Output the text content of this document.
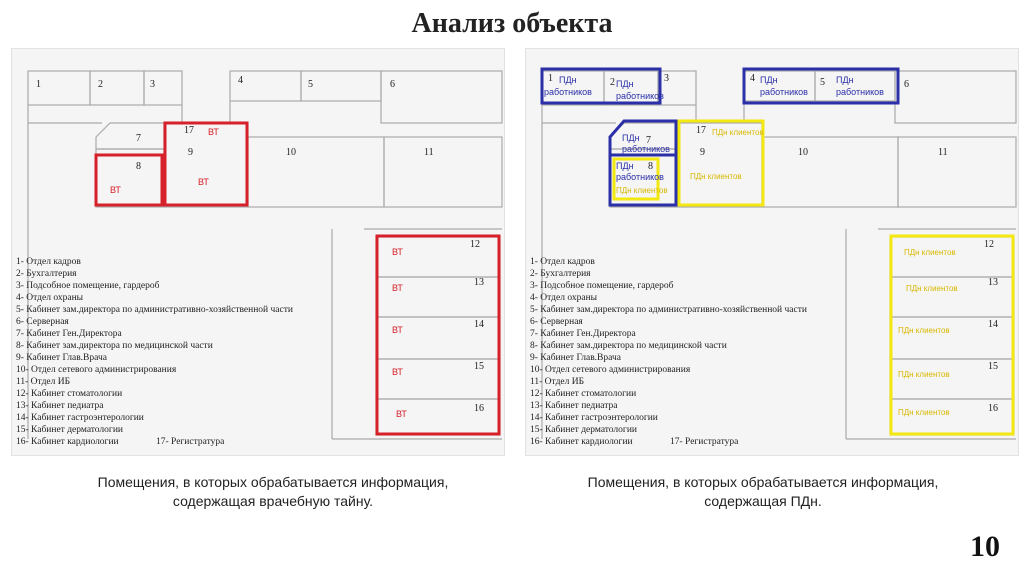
Анализ объекта
1	2	3	4	5	6
7
8
9	10	11
12
13
14
15
16
17 ВТ
ВТ
ВТ
ВТ
ВТ
ВТ
ВТ
ВТ
1- Отдел кадров
2- Бухгалтерия
3- Подсобное помещение, гардероб
4- Отдел охраны
5- Кабинет зам.директора по административно-хозяйственной части
6- Серверная
7- Кабинет Ген.Директора
8- Кабинет зам.директора по медицинской части
9- Кабинет Глав.Врача
10- Отдел сетевого администрирования
11- Отдел ИБ
12- Кабинет стоматологии
13- Кабинет педиатра
14- Кабинет гастроэнтерологии
15- Кабинет дерматологии
16- Кабинет кардиологии	17- Регистратура
1	2	3	4	5	6
7
8
9	10	11
12
13
14
15
16
17
ПДн
работников
ПДн
работников
ПДн
работников
ПДн
работников
ПДн
работников
ПДн
работников
ПДн клиентов
ПДн клиентов
ПДн клиентов
ПДн клиентов
ПДн клиентов
ПДн клиентов
ПДн клиентов
ПДн клиентов
1- Отдел кадров
2- Бухгалтерия
3- Подсобное помещение, гардероб
4- Отдел охраны
5- Кабинет зам.директора по административно-хозяйственной части
6- Серверная
7- Кабинет Ген.Директора
8- Кабинет зам.директора по медицинской части
9- Кабинет Глав.Врача
10- Отдел сетевого администрирования
11- Отдел ИБ
12- Кабинет стоматологии
13- Кабинет педиатра
14- Кабинет гастроэнтерологии
15- Кабинет дерматологии
16- Кабинет кардиологии	17- Регистратура
Помещения, в которых обрабатывается информация,
содержащая врачебную тайну.
Помещения, в которых обрабатывается информация,
содержащая ПДн.
10
